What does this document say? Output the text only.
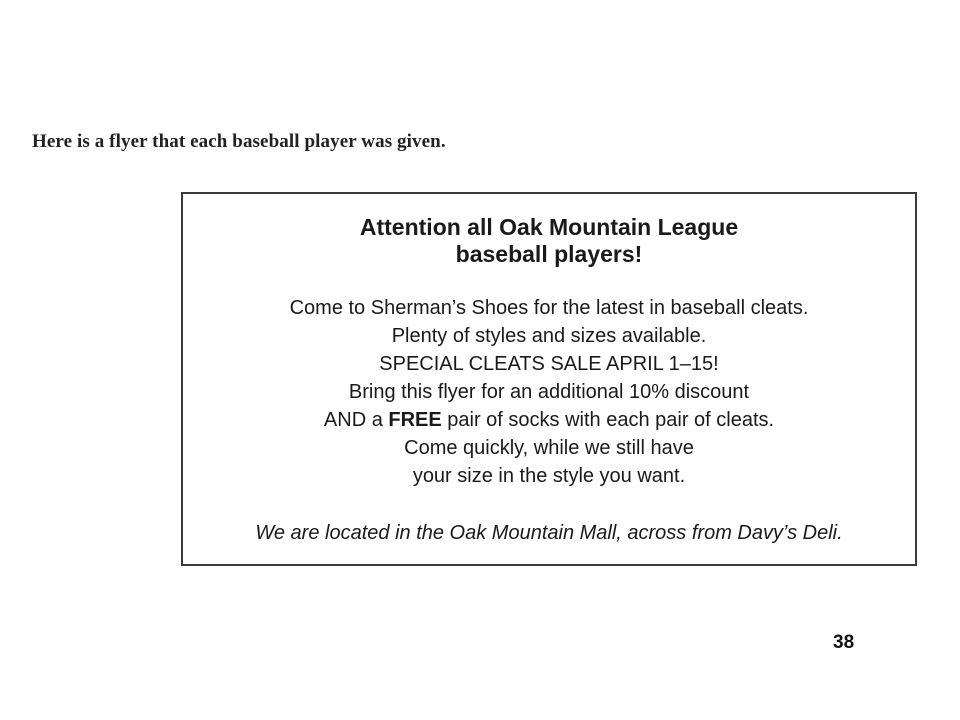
Here is a flyer that each baseball player was given.
Attention all Oak Mountain League
baseball players!
Come to Sherman’s Shoes for the latest in baseball cleats.
Plenty of styles and sizes available.
SPECIAL CLEATS SALE APRIL 1–15!
Bring this flyer for an additional 10% discount
AND a FREE pair of socks with each pair of cleats.
Come quickly, while we still have
your size in the style you want.
We are located in the Oak Mountain Mall, across from Davy’s Deli.
38
